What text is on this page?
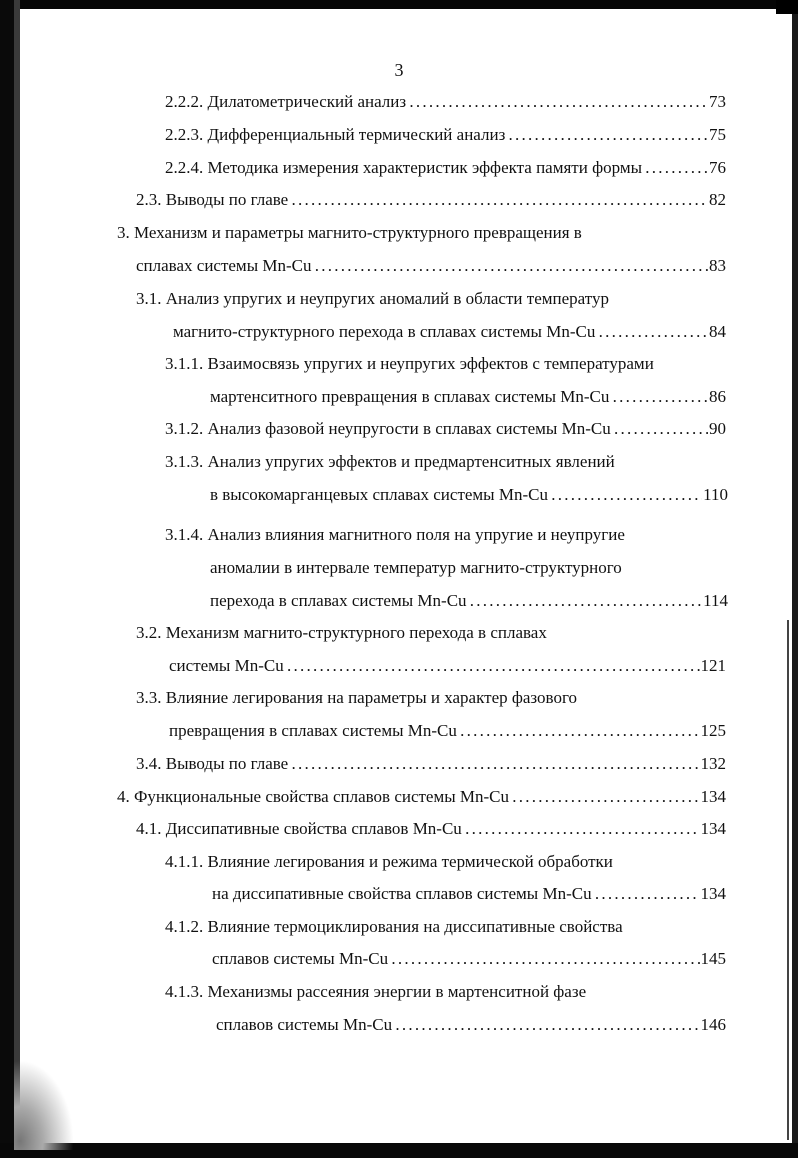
3
2.2.2. Дилатометрический анализ . . .	73
2.2.3. Дифференциальный термический анализ . . .	75
2.2.4. Методика измерения характеристик эффекта памяти формы . . .	76
2.3. Выводы по главе . . .	82
3. Механизм и параметры магнито-структурного превращения в
сплавах системы Mn-Cu . . .	83
3.1. Анализ упругих и неупругих аномалий в области температур
магнито-структурного перехода в сплавах системы Mn-Cu . . .	84
3.1.1. Взаимосвязь упругих и неупругих эффектов с температурами
мартенситного превращения в сплавах системы Mn-Cu . . .	86
3.1.2. Анализ фазовой неупругости в сплавах системы Mn-Cu . . .	90
3.1.3. Анализ упругих эффектов и предмартенситных явлений
в высокомарганцевых сплавах системы Mn-Cu . . .	110
3.1.4. Анализ влияния магнитного поля на упругие и неупругие
аномалии в интервале температур магнито-структурного
перехода в сплавах системы Mn-Cu . . .	114
3.2. Механизм магнито-структурного перехода в сплавах
системы Mn-Cu . . .	121
3.3. Влияние легирования на параметры и характер фазового
превращения в сплавах системы Mn-Cu . . .	125
3.4. Выводы по главе . . .	132
4. Функциональные свойства сплавов системы Mn-Cu . . .	134
4.1. Диссипативные свойства сплавов Mn-Cu . . .	134
4.1.1. Влияние легирования и режима термической обработки
на диссипативные свойства сплавов системы Mn-Cu . . .	134
4.1.2. Влияние термоциклирования на диссипативные свойства
сплавов системы Mn-Cu . . .	145
4.1.3. Механизмы рассеяния энергии в мартенситной фазе
сплавов системы Mn-Cu . . .	146
